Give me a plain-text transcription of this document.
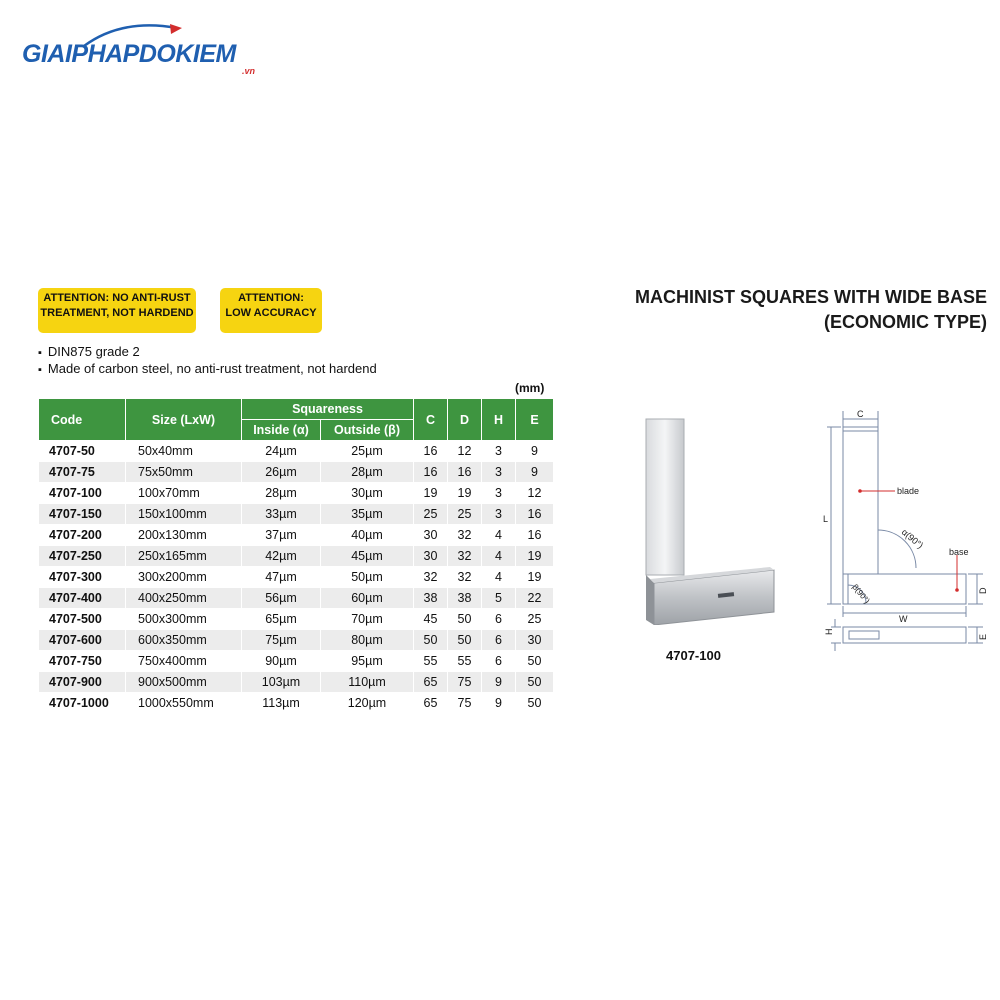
GIAIPHAPDOKIEM
.vn
ATTENTION: NO ANTI-RUST
TREATMENT, NOT HARDEND
ATTENTION:
LOW ACCURACY
MACHINIST SQUARES WITH WIDE BASE
(ECONOMIC TYPE)
▪ DIN875 grade 2
▪ Made of carbon steel, no anti-rust treatment, not hardend
(mm)
Code	Size (LxW)	Squareness		C	D	H	E
		Inside (α)	Outside (β)				
4707-50	50x40mm	24µm	25µm	16	12	3	9
4707-75	75x50mm	26µm	28µm	16	16	3	9
4707-100	100x70mm	28µm	30µm	19	19	3	12
4707-150	150x100mm	33µm	35µm	25	25	3	16
4707-200	200x130mm	37µm	40µm	30	32	4	16
4707-250	250x165mm	42µm	45µm	30	32	4	19
4707-300	300x200mm	47µm	50µm	32	32	4	19
4707-400	400x250mm	56µm	60µm	38	38	5	22
4707-500	500x300mm	65µm	70µm	45	50	6	25
4707-600	600x350mm	75µm	80µm	50	50	6	30
4707-750	750x400mm	90µm	95µm	55	55	6	50
4707-900	900x500mm	103µm	110µm	65	75	9	50
4707-1000	1000x550mm	113µm	120µm	65	75	9	50
4707-100
C
L
blade
base
α(90°)
β(90°)
W
D
H
E
